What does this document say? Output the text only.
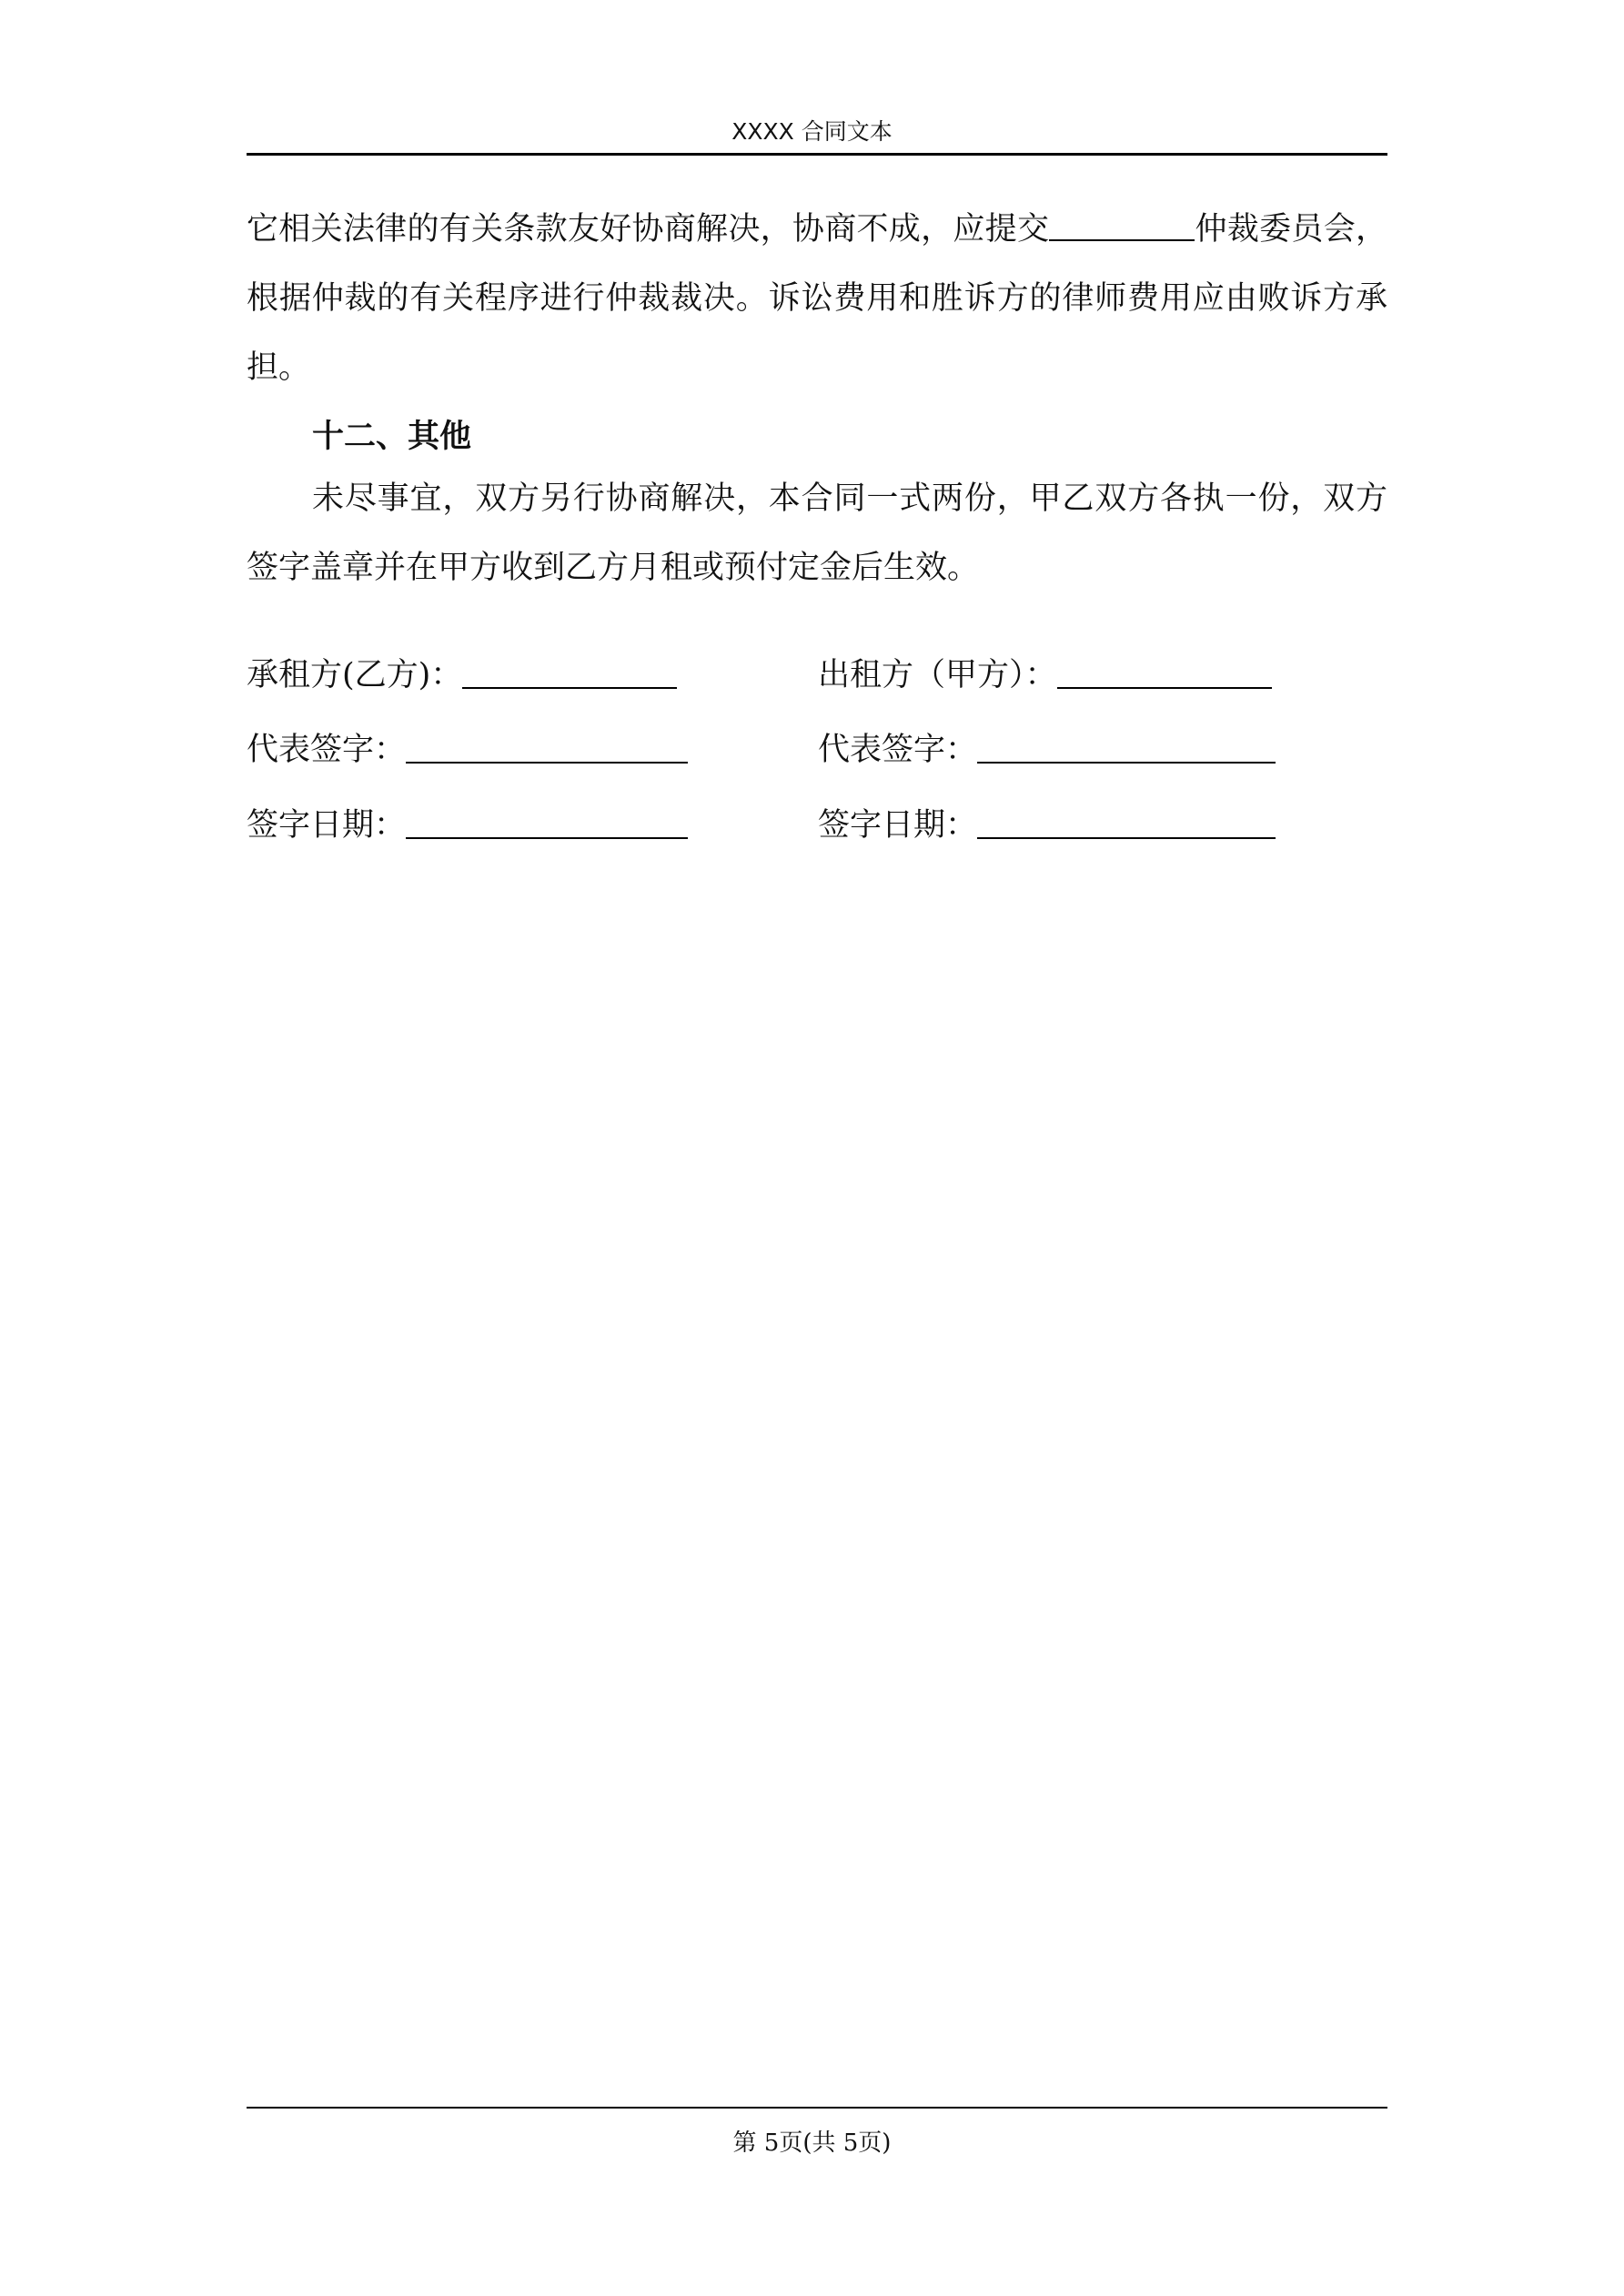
XXXX 合同文本

它相关法律的有关条款友好协商解决，协商不成，应提交	仲裁委员会，根据仲裁的有关程序进行仲裁裁决。诉讼费用和胜诉方的律师费用应由败诉方承担。

十二、其他

未尽事宜，双方另行协商解决，本合同一式两份，甲乙双方各执一份，双方签字盖章并在甲方收到乙方月租或预付定金后生效。

承租方(乙方)：	出租方（甲方）：
代表签字：	代表签字：
签字日期：	签字日期：
第 5页(共 5页)
